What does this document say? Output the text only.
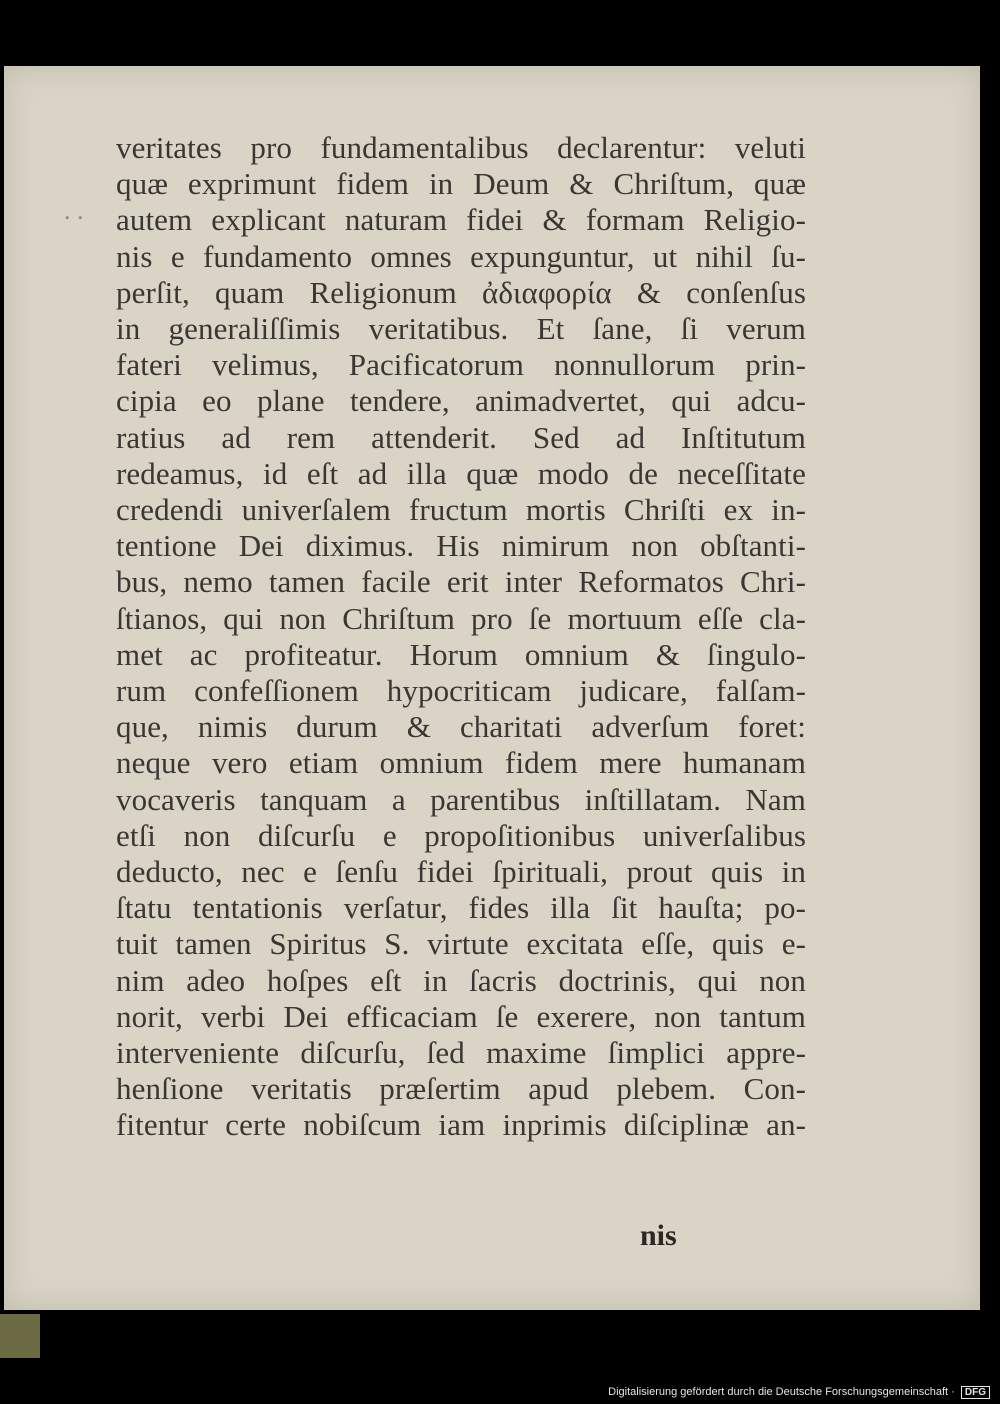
. .
veritates pro fundamentalibus declarentur: veluti
quæ exprimunt fidem in Deum & Chriſtum, quæ
autem explicant naturam fidei & formam Religio-
nis e fundamento omnes expunguntur, ut nihil ſu-
perſit, quam Religionum ἀδιαφορία & conſenſus
in generaliſſimis veritatibus. Et ſane, ſi verum
fateri velimus, Pacificatorum nonnullorum prin-
cipia eo plane tendere, animadvertet, qui adcu-
ratius ad rem attenderit. Sed ad Inſtitutum
redeamus, id eſt ad illa quæ modo de neceſſitate
credendi univerſalem fructum mortis Chriſti ex in-
tentione Dei diximus. His nimirum non obſtanti-
bus, nemo tamen facile erit inter Reformatos Chri-
ſtianos, qui non Chriſtum pro ſe mortuum eſſe cla-
met ac profiteatur. Horum omnium & ſingulo-
rum confeſſionem hypocriticam judicare, falſam-
que, nimis durum & charitati adverſum foret:
neque vero etiam omnium fidem mere humanam
vocaveris tanquam a parentibus inſtillatam. Nam
etſi non diſcurſu e propoſitionibus univerſalibus
deducto, nec e ſenſu fidei ſpirituali, prout quis in
ſtatu tentationis verſatur, fides illa ſit hauſta; po-
tuit tamen Spiritus S. virtute excitata eſſe, quis e-
nim adeo hoſpes eſt in ſacris doctrinis, qui non
norit, verbi Dei efficaciam ſe exerere, non tantum
interveniente diſcurſu, ſed maxime ſimplici appre-
henſione veritatis præſertim apud plebem. Con-
fitentur certe nobiſcum iam inprimis diſciplinæ an-
nis
Digitalisierung gefördert durch die Deutsche Forschungsgemeinschaft · DFG
